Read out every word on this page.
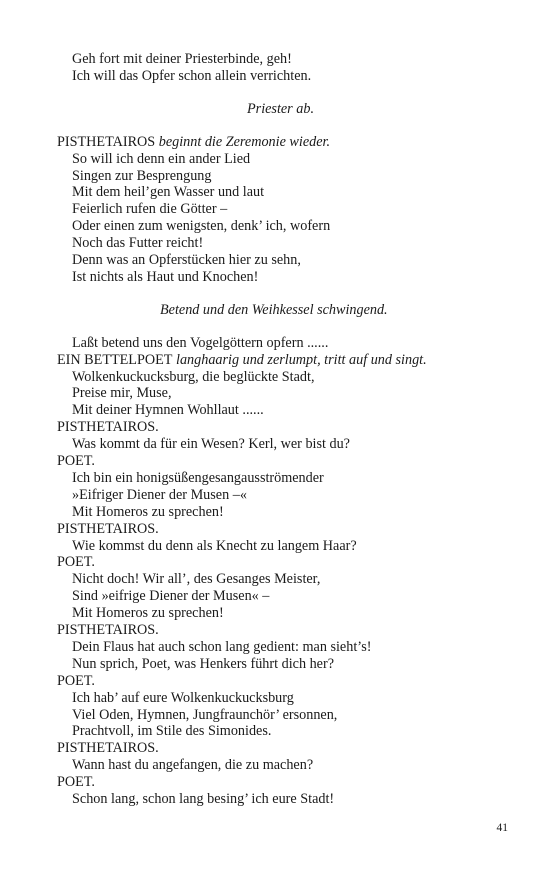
Geh fort mit deiner Priesterbinde, geh!
Ich will das Opfer schon allein verrichten.
Priester ab.
PISTHETAIROS beginnt die Zeremonie wieder.
So will ich denn ein ander Lied
Singen zur Besprengung
Mit dem heil’gen Wasser und laut
Feierlich rufen die Götter –
Oder einen zum wenigsten, denk’ ich, wofern
Noch das Futter reicht!
Denn was an Opferstücken hier zu sehn,
Ist nichts als Haut und Knochen!
Betend und den Weihkessel schwingend.
Laßt betend uns den Vogelgöttern opfern ......
EIN BETTELPOET langhaarig und zerlumpt, tritt auf und singt.
Wolkenkuckucksburg, die beglückte Stadt,
Preise mir, Muse,
Mit deiner Hymnen Wohllaut ......
PISTHETAIROS.
Was kommt da für ein Wesen? Kerl, wer bist du?
POET.
Ich bin ein honigsüßengesangausströmender
»Eifriger Diener der Musen –«
Mit Homeros zu sprechen!
PISTHETAIROS.
Wie kommst du denn als Knecht zu langem Haar?
POET.
Nicht doch! Wir all’, des Gesanges Meister,
Sind »eifrige Diener der Musen« –
Mit Homeros zu sprechen!
PISTHETAIROS.
Dein Flaus hat auch schon lang gedient: man sieht’s!
Nun sprich, Poet, was Henkers führt dich her?
POET.
Ich hab’ auf eure Wolkenkuckucksburg
Viel Oden, Hymnen, Jungfraunchör’ ersonnen,
Prachtvoll, im Stile des Simonides.
PISTHETAIROS.
Wann hast du angefangen, die zu machen?
POET.
Schon lang, schon lang besing’ ich eure Stadt!
41
